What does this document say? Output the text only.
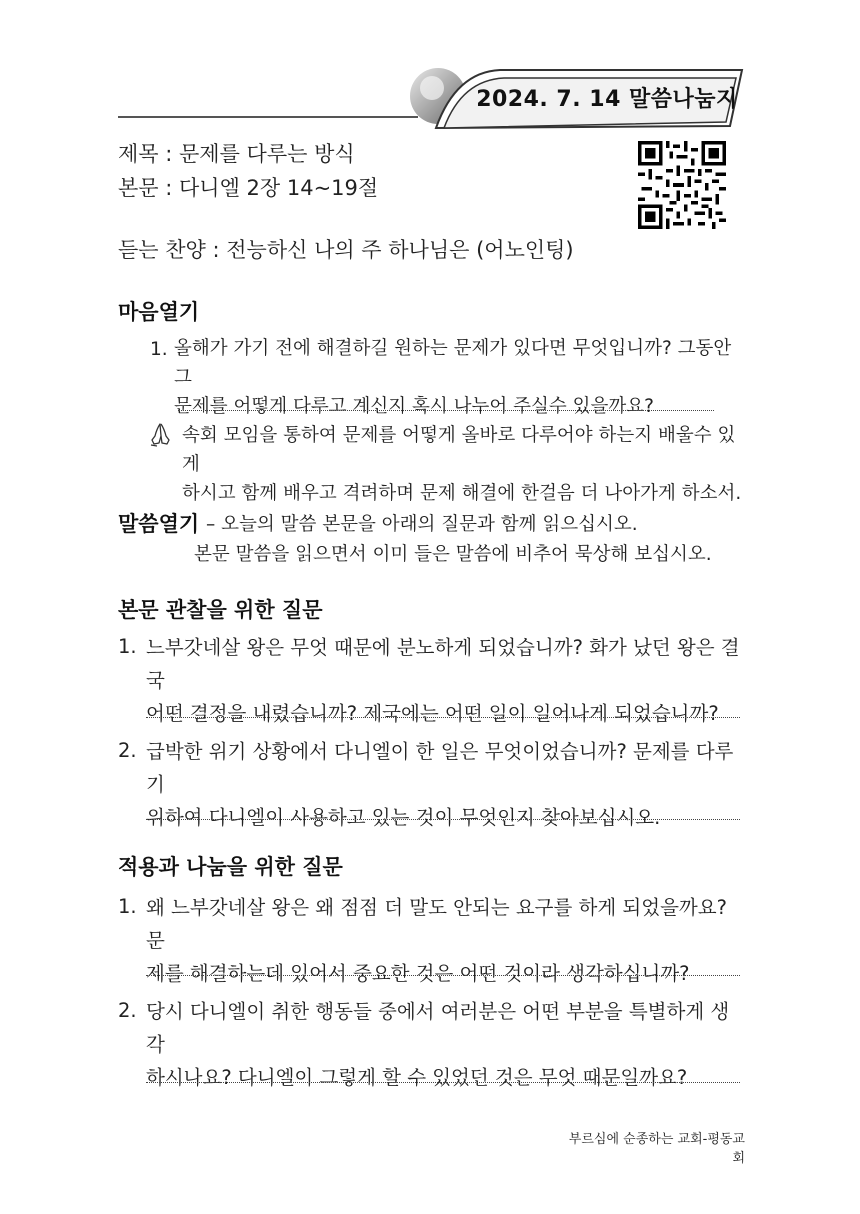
2024. 7. 14 말씀나눔지
제목 : 문제를 다루는 방식
본문 : 다니엘 2장 14~19절
듣는 찬양 : 전능하신 나의 주 하나님은 (어노인팅)
마음열기
1. 올해가 가기 전에 해결하길 원하는 문제가 있다면 무엇입니까? 그동안 그
문제를 어떻게 다루고 계신지 혹시 나누어 주실수 있을까요?
속회 모임을 통하여 문제를 어떻게 올바로 다루어야 하는지 배울수 있게
하시고 함께 배우고 격려하며 문제 해결에 한걸음 더 나아가게 하소서.
말씀열기 – 오늘의 말씀 본문을 아래의 질문과 함께 읽으십시오.
본문 말씀을 읽으면서 이미 들은 말씀에 비추어 묵상해 보십시오.
본문 관찰을 위한 질문
1. 느부갓네살 왕은 무엇 때문에 분노하게 되었습니까? 화가 났던 왕은 결국
어떤 결정을 내렸습니까? 제국에는 어떤 일이 일어나게 되었습니까?
2. 급박한 위기 상황에서 다니엘이 한 일은 무엇이었습니까? 문제를 다루기
위하여 다니엘이 사용하고 있는 것이 무엇인지 찾아보십시오.
적용과 나눔을 위한 질문
1. 왜 느부갓네살 왕은 왜 점점 더 말도 안되는 요구를 하게 되었을까요? 문
제를 해결하는데 있어서 중요한 것은 어떤 것이라 생각하십니까?
2. 당시 다니엘이 취한 행동들 중에서 여러분은 어떤 부분을 특별하게 생각
하시나요? 다니엘이 그렇게 할 수 있었던 것은 무엇 때문일까요?
부르심에 순종하는 교회-평동교회
